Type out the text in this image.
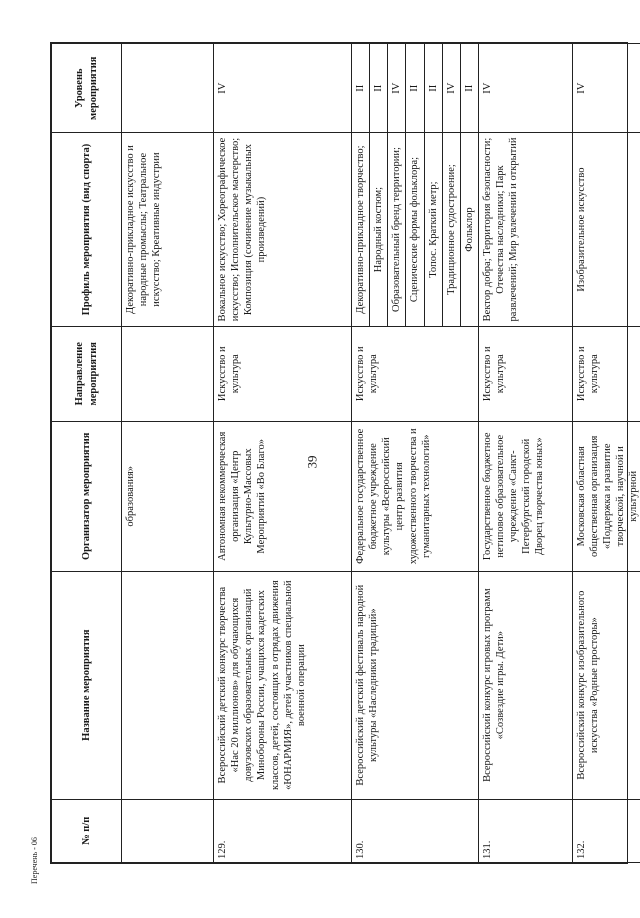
39
Перечень - 06
№ п/п	Название мероприятия	Организатор мероприятия	Направление мероприятия	Профиль мероприятия (вид спорта)	Уровень мероприятия
		образования»		Декоративно-прикладное искусство и народные промыслы; Театральное искусство; Креативные индустрии	
129.	Всероссийский детский конкурс творчества «Нас 20 миллионов» для обучающихся довузовских образовательных организаций Минобороны России, учащихся кадетских классов, детей, состоящих в отрядах движения «ЮНАРМИЯ», детей участников специальной военной операции	Автономная некоммерческая организация «Центр Культурно-Массовых Мероприятий «Во Благо»	Искусство и культура	Вокальное искусство; Хореографическое искусство; Исполнительское мастерство; Композиция (сочинение музыкальных произведений)	IV
130.	Всероссийский детский фестиваль народной культуры «Наследники традиций»	Федеральное государственное бюджетное учреждение культуры «Всероссийский центр развития художественного творчества и гуманитарных технологий»	Искусство и культура	Декоративно-прикладное творчество;	II
				Народный костюм;	II
				Образовательный бренд территории;	IV
				Сценические формы фольклора;	II
				Топос. Краткий метр;	II
				Традиционное судостроение;	IV
				Фольклор	II
131.	Всероссийский конкурс игровых программ «Созвездие игры. Дети»	Государственное бюджетное нетиповое образовательное учреждение «Санкт-Петербургский городской Дворец творчества юных»	Искусство и культура	Вектор добра; Территория безопасности; Отечества наследники; Парк развлечений; Мир увлечений и открытий	IV
132.	Всероссийский конкурс изобразительного искусства «Родные просторы»	Московская областная общественная организация «Поддержка и развитие творческой, научной и культурной	Искусство и культура	Изобразительное искусство	IV
